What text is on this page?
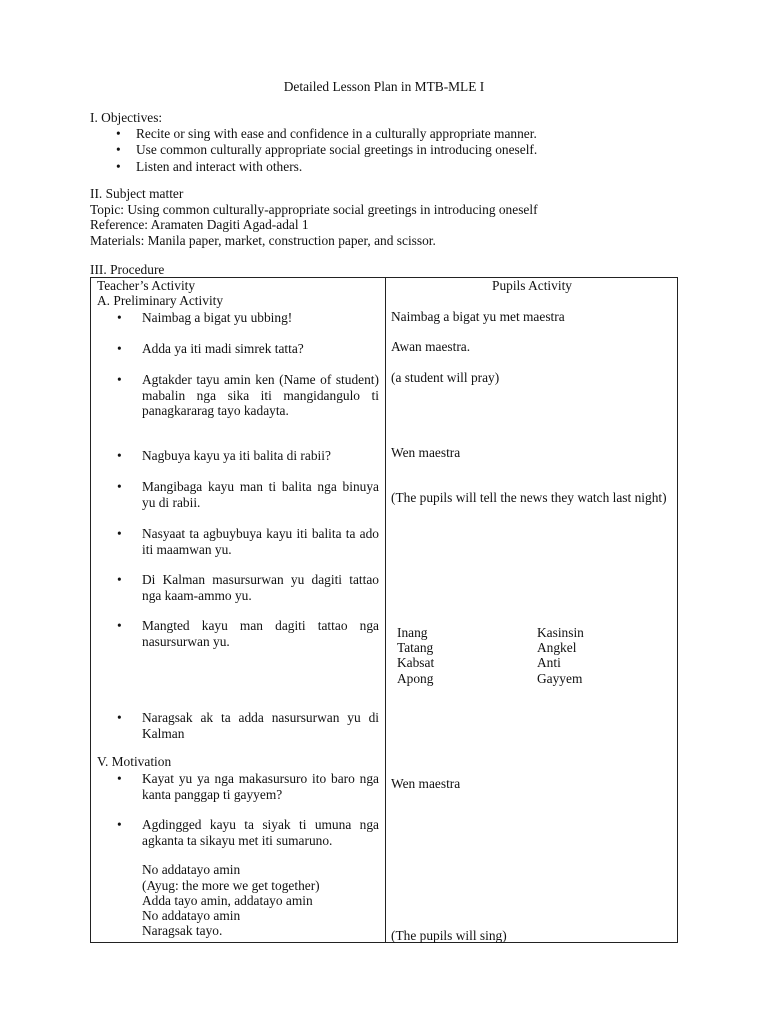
Detailed Lesson Plan in MTB-MLE I
I. Objectives:
• Recite or sing with ease and confidence in a culturally appropriate manner.
• Use common culturally appropriate social greetings in introducing oneself.
• Listen and interact with others.
II. Subject matter
Topic: Using common culturally-appropriate social greetings in introducing oneself
Reference: Aramaten Dagiti Agad-adal 1
Materials: Manila paper, market, construction paper, and scissor.
III. Procedure
Teacher’s Activity	Pupils Activity
A. Preliminary Activity
• Naimbag a bigat yu ubbing!
• Adda ya iti madi simrek tatta?
• Agtakder tayu amin ken (Name of student) mabalin nga sika iti mangidangulo ti panagkararag tayo kadayta.
• Nagbuya kayu ya iti balita di rabii?
• Mangibaga kayu man ti balita nga binuya yu di rabii.
• Nasyaat ta agbuybuya kayu iti balita ta ado iti maamwan yu.
• Di Kalman masursurwan yu dagiti tattao nga kaam-ammo yu.
• Mangted kayu man dagiti tattao nga nasursurwan yu.
• Naragsak ak ta adda nasursurwan yu di Kalman
Naimbag a bigat yu met maestra
Awan maestra.
(a student will pray)
Wen maestra
(The pupils will tell the news they watch last night)
Inang
Tatang
Kabsat
Apong
Kasinsin
Angkel
Anti
Gayyem
V. Motivation
• Kayat yu ya nga makasursuro ito baro nga kanta panggap ti gayyem?
• Agdingged kayu ta siyak ti umuna nga agkanta ta sikayu met iti sumaruno.
No addatayo amin
(Ayug: the more we get together)
Adda tayo amin, addatayo amin
No addatayo amin
Naragsak tayo.
Wen maestra
(The pupils will sing)
